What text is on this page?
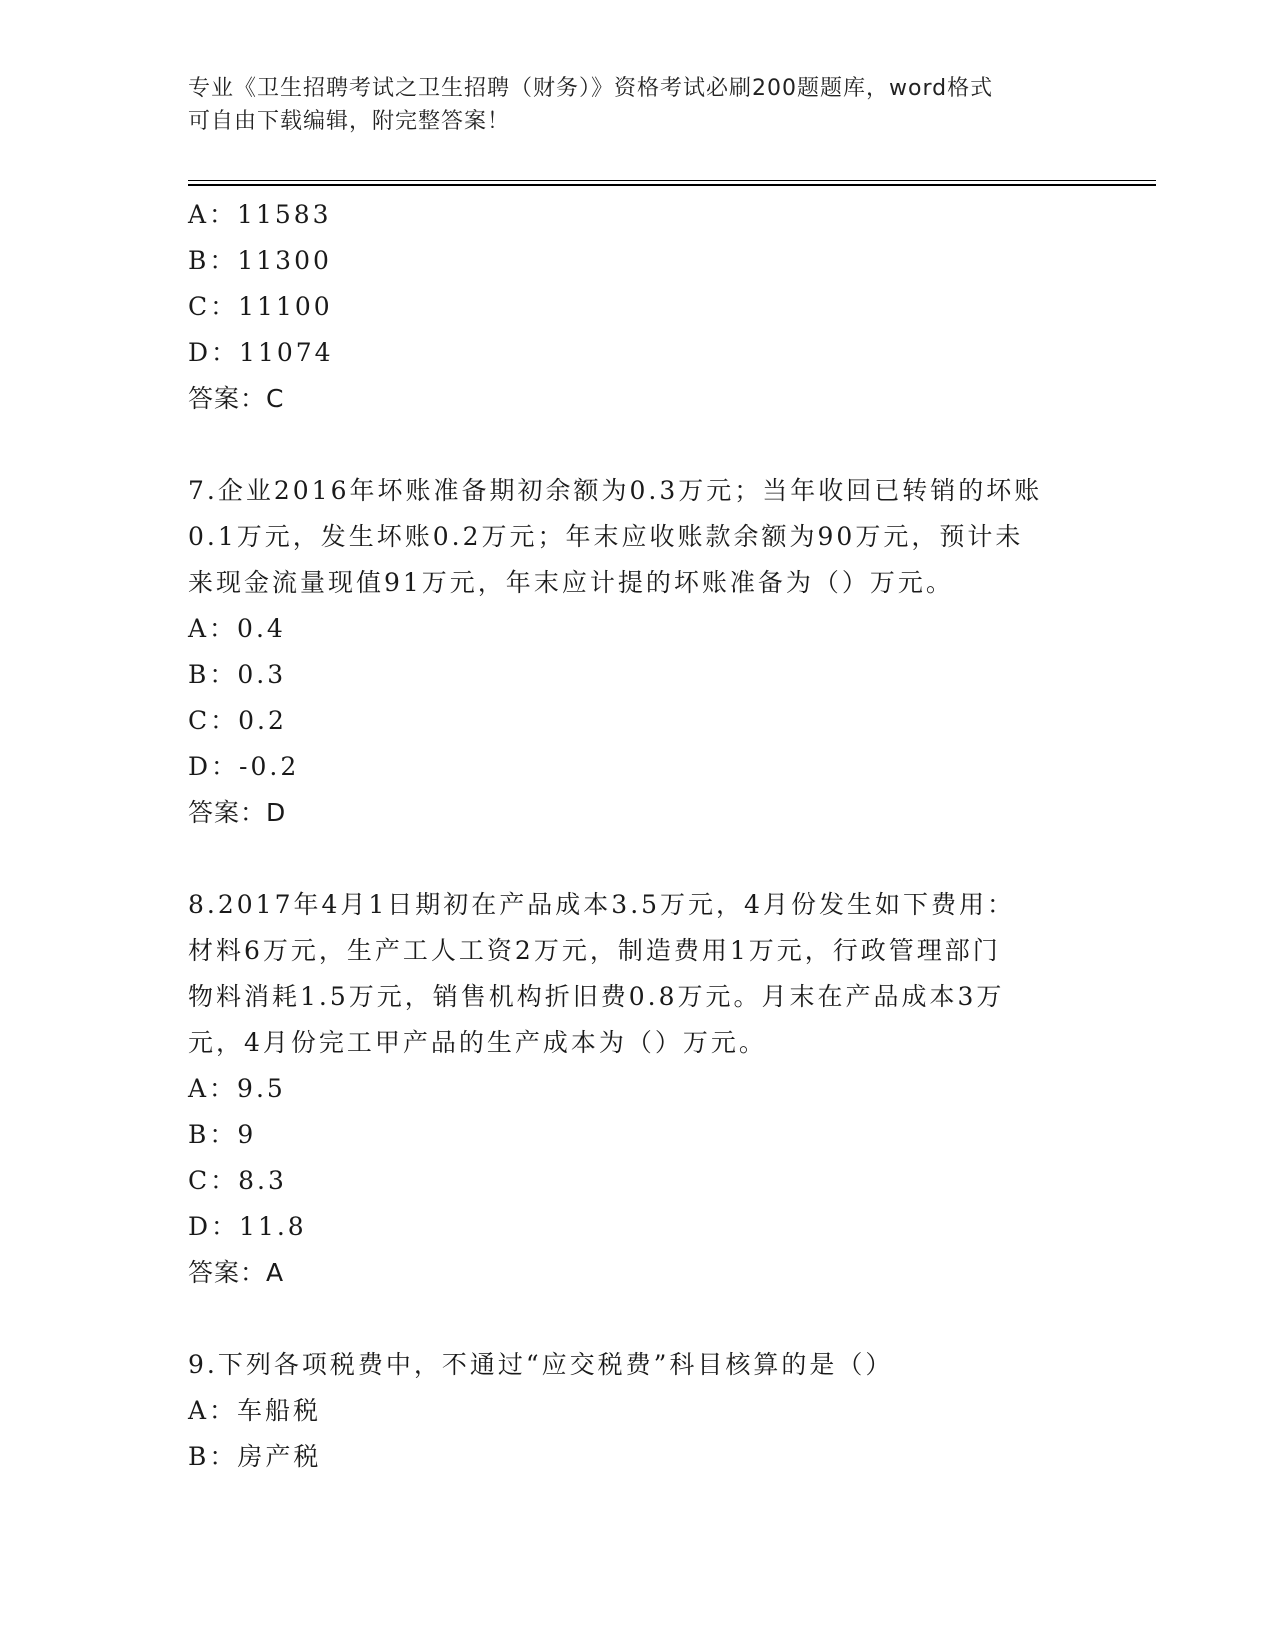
专业《卫生招聘考试之卫生招聘（财务）》资格考试必刷200题题库，word格式
可自由下载编辑，附完整答案！
A：11583
B：11300
C：11100
D：11074
答案：C
7.企业2016年坏账准备期初余额为0.3万元；当年收回已转销的坏账
0.1万元，发生坏账0.2万元；年末应收账款余额为90万元，预计未
来现金流量现值91万元，年末应计提的坏账准备为（）万元。
A：0.4
B：0.3
C：0.2
D：-0.2
答案：D
8.2017年4月1日期初在产品成本3.5万元，4月份发生如下费用：
材料6万元，生产工人工资2万元，制造费用1万元，行政管理部门
物料消耗1.5万元，销售机构折旧费0.8万元。月末在产品成本3万
元，4月份完工甲产品的生产成本为（）万元。
A：9.5
B：9
C：8.3
D：11.8
答案：A
9.下列各项税费中，不通过“应交税费”科目核算的是（）
A：车船税
B：房产税
